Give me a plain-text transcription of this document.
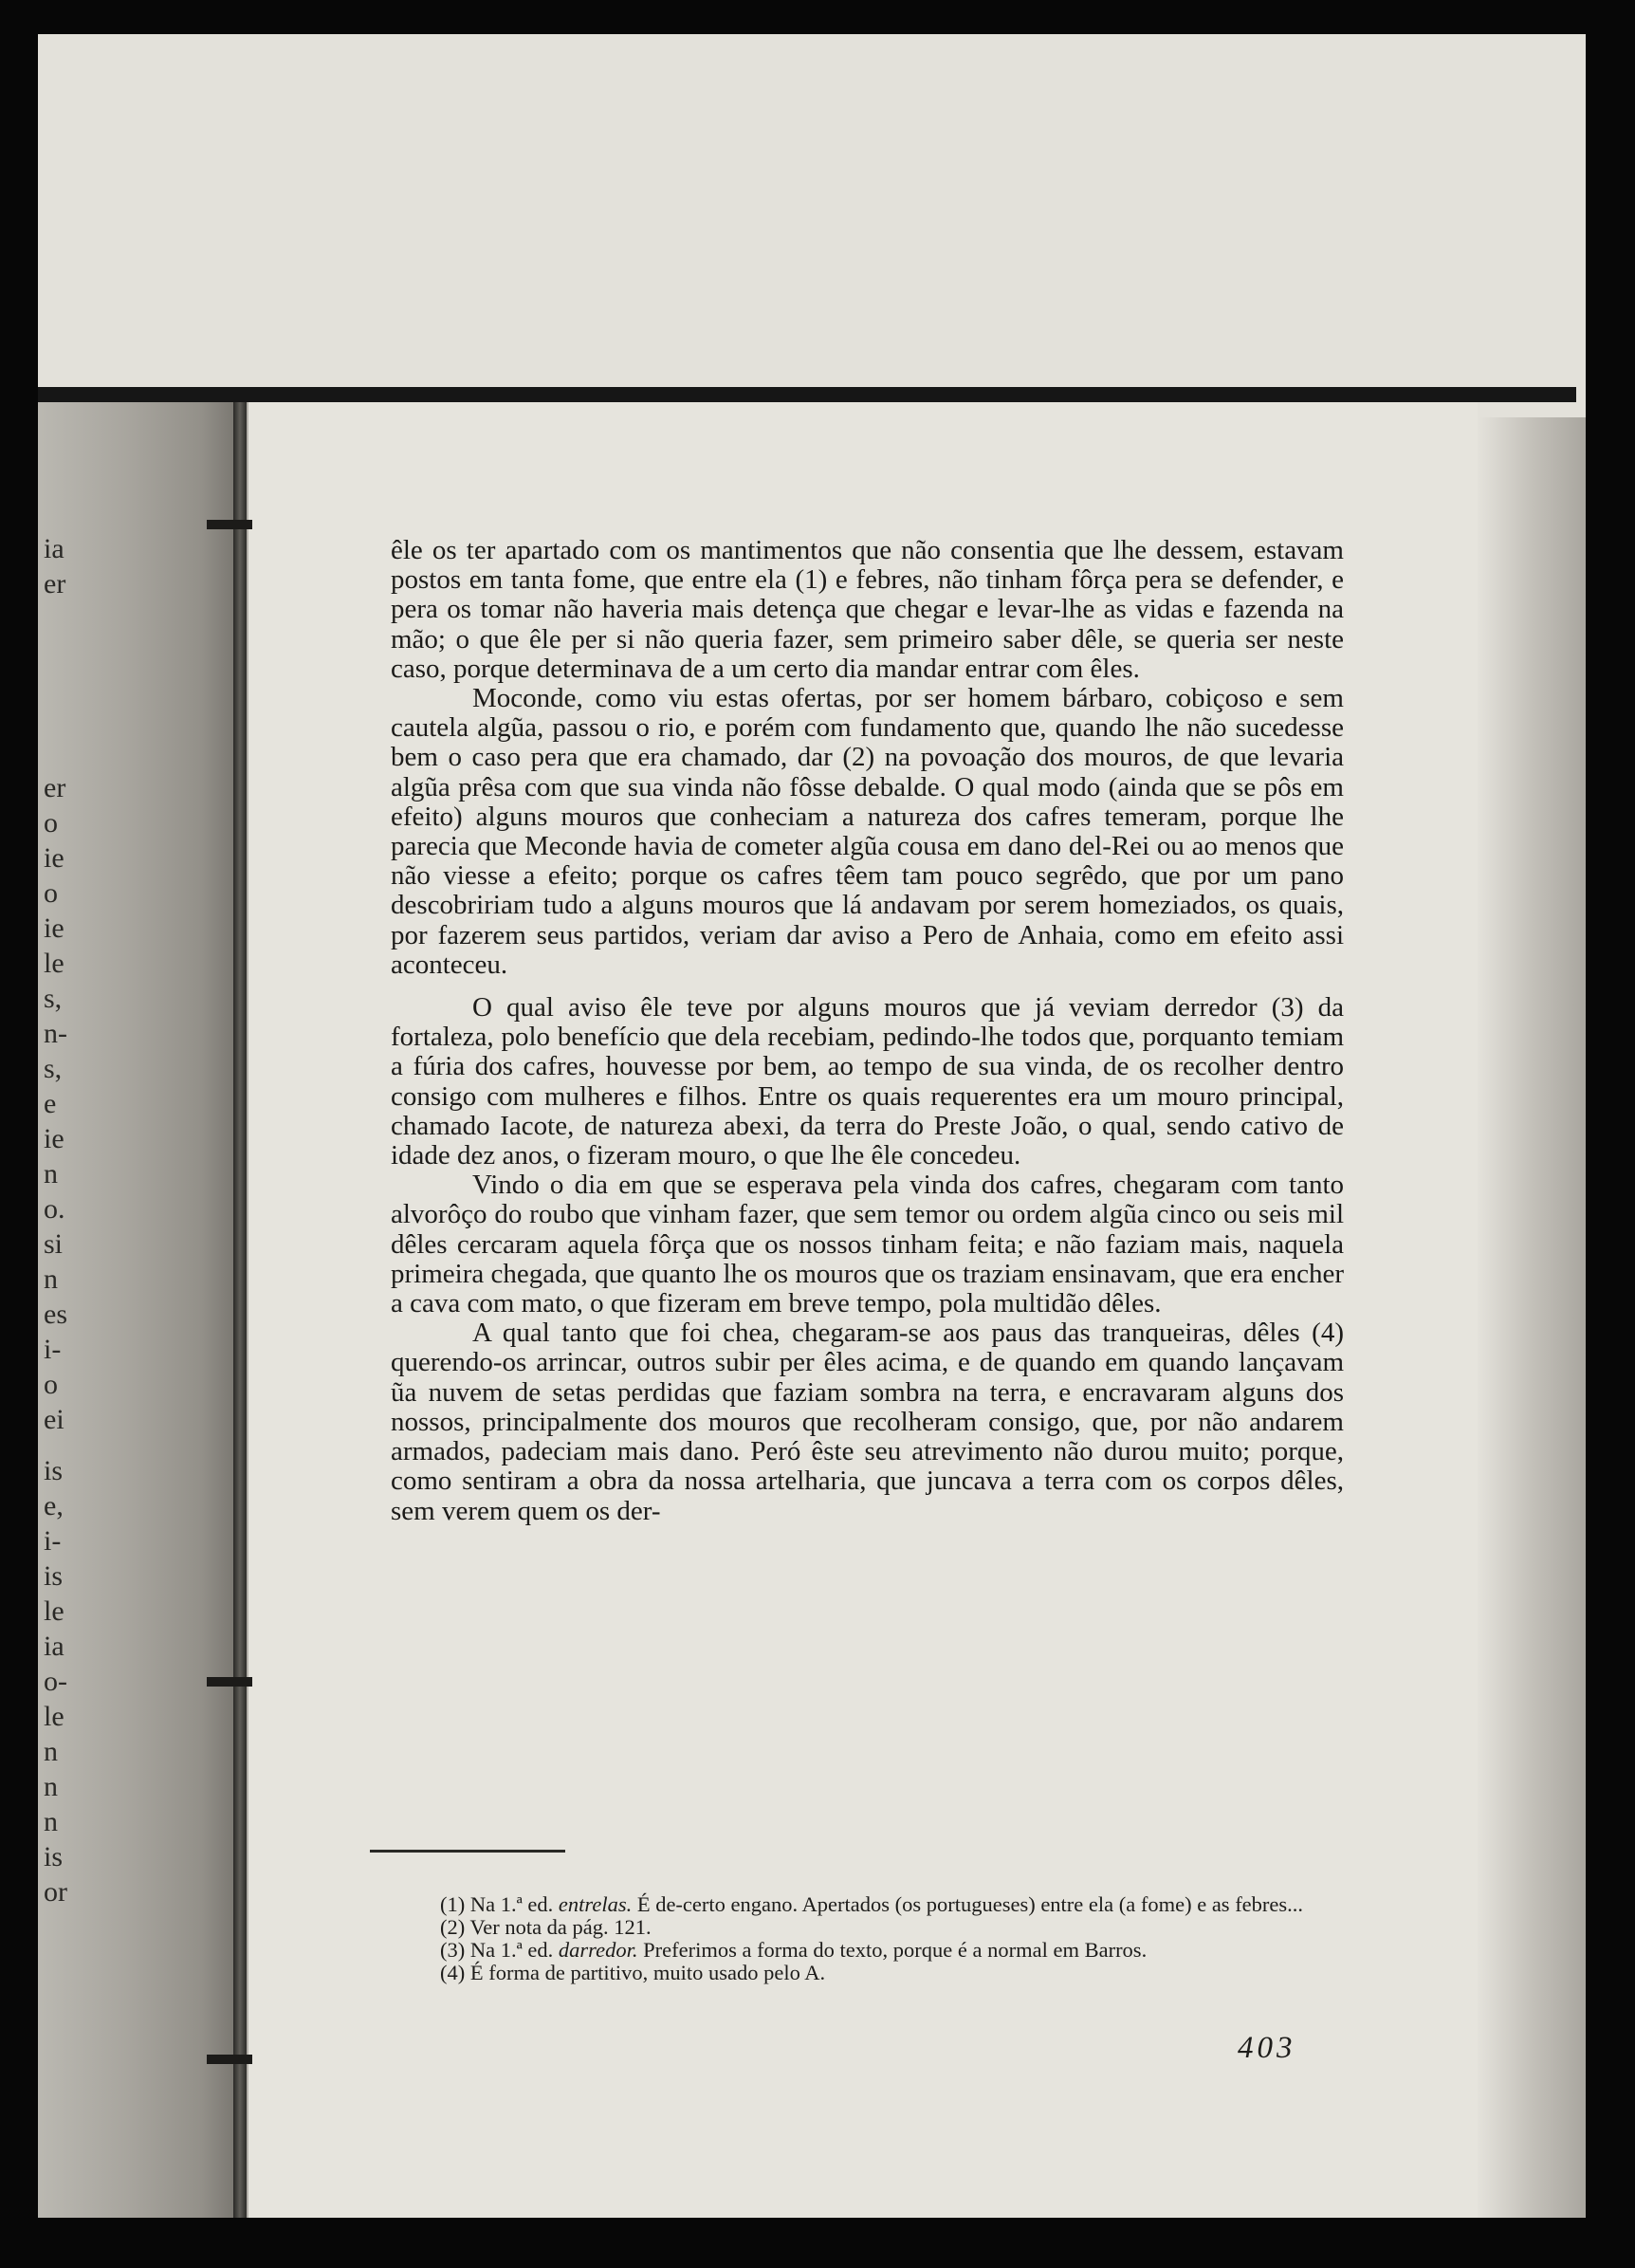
ia
er
er
o
ie
o
ie
le
s,
n-
s,
e
ie
n
o.
si
n
es
i-
o
ei
is
e,
i-
is
le
ia
o-
le
n
n
n
is
or

êle os ter apartado com os mantimentos que não consentia que lhe dessem, estavam postos em tanta fome, que entre ela (1) e febres, não tinham fôrça pera se defender, e pera os tomar não haveria mais detença que chegar e levar-lhe as vidas e fazenda na mão; o que êle per si não queria fazer, sem primeiro saber dêle, se queria ser neste caso, porque determinava de a um certo dia mandar entrar com êles.

Moconde, como viu estas ofertas, por ser homem bárbaro, cobiçoso e sem cautela algũa, passou o rio, e porém com fundamento que, quando lhe não sucedesse bem o caso pera que era chamado, dar (2) na povoação dos mouros, de que levaria algũa prêsa com que sua vinda não fôsse debalde. O qual modo (ainda que se pôs em efeito) alguns mouros que conheciam a natureza dos cafres temeram, porque lhe parecia que Meconde havia de cometer algũa cousa em dano del-Rei ou ao menos que não viesse a efeito; porque os cafres têem tam pouco segrêdo, que por um pano descobririam tudo a alguns mouros que lá andavam por serem homeziados, os quais, por fazerem seus partidos, veriam dar aviso a Pero de Anhaia, como em efeito assi aconteceu.

O qual aviso êle teve por alguns mouros que já veviam derredor (3) da fortaleza, polo benefício que dela recebiam, pedindo-lhe todos que, porquanto temiam a fúria dos cafres, houvesse por bem, ao tempo de sua vinda, de os recolher dentro consigo com mulheres e filhos. Entre os quais requerentes era um mouro principal, chamado Iacote, de natureza abexi, da terra do Preste João, o qual, sendo cativo de idade dez anos, o fizeram mouro, o que lhe êle concedeu.

Vindo o dia em que se esperava pela vinda dos cafres, chegaram com tanto alvorôço do roubo que vinham fazer, que sem temor ou ordem algũa cinco ou seis mil dêles cercaram aquela fôrça que os nossos tinham feita; e não faziam mais, naquela primeira chegada, que quanto lhe os mouros que os traziam ensinavam, que era encher a cava com mato, o que fizeram em breve tempo, pola multidão dêles.

A qual tanto que foi chea, chegaram-se aos paus das tranqueiras, dêles (4) querendo-os arrincar, outros subir per êles acima, e de quando em quando lançavam ũa nuvem de setas perdidas que faziam sombra na terra, e encravaram alguns dos nossos, principalmente dos mouros que recolheram consigo, que, por não andarem armados, padeciam mais dano. Peró êste seu atrevimento não durou muito; porque, como sentiram a obra da nossa artelharia, que juncava a terra com os corpos dêles, sem verem quem os der-

(1) Na 1.ª ed. entrelas. É de-certo engano. Apertados (os portugueses) entre ela (a fome) e as febres...

(2) Ver nota da pág. 121.

(3) Na 1.ª ed. darredor. Preferimos a forma do texto, porque é a normal em Barros.

(4) É forma de partitivo, muito usado pelo A.

403
